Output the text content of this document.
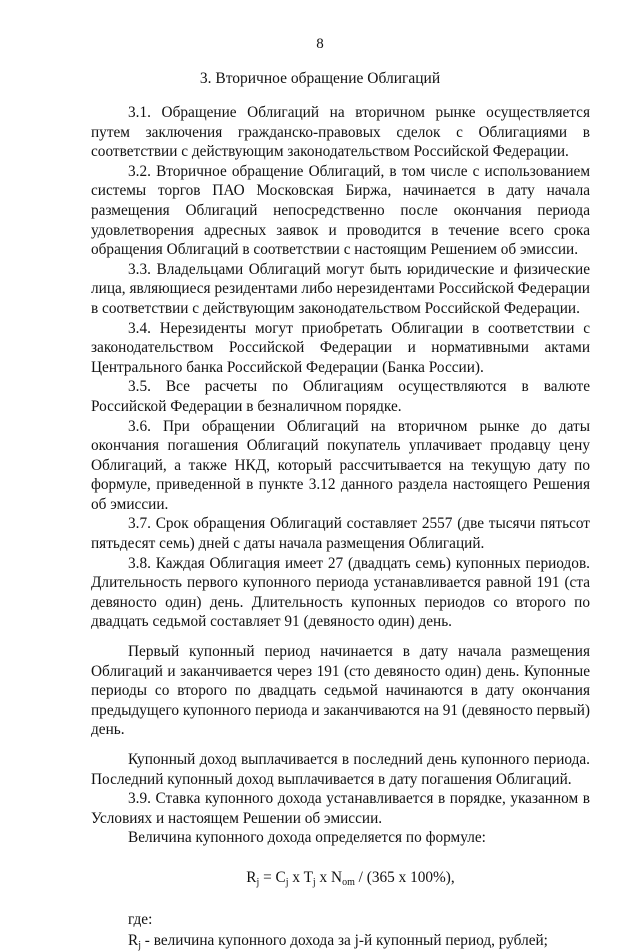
8
3. Вторичное обращение Облигаций

3.1. Обращение Облигаций на вторичном рынке осуществляется путем заключения гражданско-правовых сделок с Облигациями в соответствии с действующим законодательством Российской Федерации.

3.2. Вторичное обращение Облигаций, в том числе с использованием системы торгов ПАО Московская Биржа, начинается в дату начала размещения Облигаций непосредственно после окончания периода удовлетворения адресных заявок и проводится в течение всего срока обращения Облигаций в соответствии с настоящим Решением об эмиссии.

3.3. Владельцами Облигаций могут быть юридические и физические лица, являющиеся резидентами либо нерезидентами Российской Федерации в соответствии с действующим законодательством Российской Федерации.

3.4. Нерезиденты могут приобретать Облигации в соответствии с законодательством Российской Федерации и нормативными актами Центрального банка Российской Федерации (Банка России).

3.5. Все расчеты по Облигациям осуществляются в валюте Российской Федерации в безналичном порядке.

3.6. При обращении Облигаций на вторичном рынке до даты окончания погашения Облигаций покупатель уплачивает продавцу цену Облигаций, а также НКД, который рассчитывается на текущую дату по формуле, приведенной в пункте 3.12 данного раздела настоящего Решения об эмиссии.

3.7. Срок обращения Облигаций составляет 2557 (две тысячи пятьсот пятьдесят семь) дней с даты начала размещения Облигаций.

3.8. Каждая Облигация имеет 27 (двадцать семь) купонных периодов. Длительность первого купонного периода устанавливается равной 191 (ста девяносто один) день. Длительность купонных периодов со второго по двадцать седьмой составляет 91 (девяносто один) день.

Первый купонный период начинается в дату начала размещения Облигаций и заканчивается через 191 (сто девяносто один) день. Купонные периоды со второго по двадцать седьмой начинаются в дату окончания предыдущего купонного периода и заканчиваются на 91 (девяносто первый) день.

Купонный доход выплачивается в последний день купонного периода. Последний купонный доход выплачивается в дату погашения Облигаций.

3.9. Ставка купонного дохода устанавливается в порядке, указанном в Условиях и настоящем Решении об эмиссии.

Величина купонного дохода определяется по формуле:

$R_j = C_j$ x $T_j$ x $N_{om} / (365$ x 100%),

где:

$R_j$ - величина купонного дохода за j-й купонный период, рублей;
